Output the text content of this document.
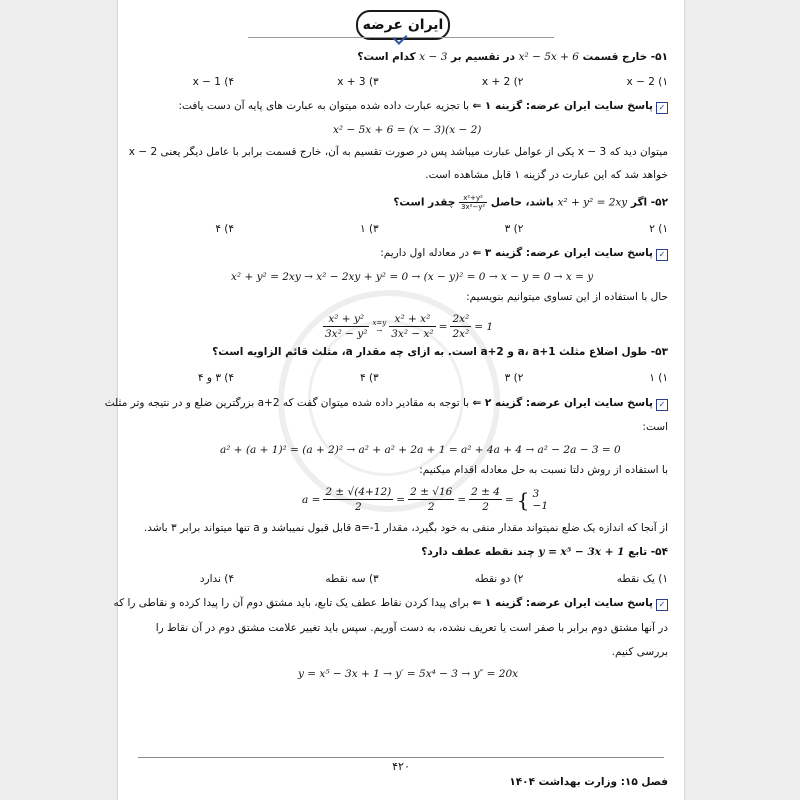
ایران عرضه
۵۱- خارج قسمت x² − 5x + 6 در تقسیم بر x − 3 کدام است؟
۱) x − 2
۲) x + 2
۳) x + 3
۴) x − 1
✓پاسخ سایت ایران عرضه: گزینه ۱ ⇐ با تجزیه عبارت داده شده میتوان به عبارت های پایه آن دست یافت:
x² − 5x + 6 = (x − 3)(x − 2)
میتوان دید که x − 3 یکی از عوامل عبارت میباشد پس در صورت تقسیم به آن، خارج قسمت برابر با عامل دیگر یعنی x − 2
خواهد شد که این عبارت در گزینه ۱ قابل مشاهده است.
۵۲- اگر x² + y² = 2xy باشد، حاصل
$\frac{\text{x²+y²}}{\text{3x²−y²}}$
چقدر است؟
۱) ۲
۲) ۳
۳) ۱
۴) ۴
✓پاسخ سایت ایران عرضه: گزینه ۳ ⇐ در معادله اول داریم:
x² + y² = 2xy → x² − 2xy + y² = 0 → (x − y)² = 0 → x − y = 0 → x = y
حال با استفاده از این تساوی میتوانیم بنویسیم:
$\frac{\text{x² + y²}}{\text{3x² − y²}} x=y$
→ $\frac{\text{x² + x²}}{\text{3x² − x²}} = \frac{\text{2x²}}{\text{2x²}} = 1$
۵۳- طول اضلاع مثلث a، a+1 و a+2 است. به ازای چه مقدار a، مثلث قائم الزاویه است؟
۱) ۱
۲) ۳
۳) ۴
۴) ۳ و ۴
✓پاسخ سایت ایران عرضه: گزینه ۲ ⇐ با توجه به مقادیر داده شده میتوان گفت که a+2 بزرگترین ضلع و در نتیجه وتر مثلث
است:
a² + (a + 1)² = (a + 2)² → a² + a² + 2a + 1 = a² + 4a + 4 → a² − 2a − 3 = 0
با استفاده از روش دلتا نسبت به حل معادله اقدام میکنیم:
$a = \frac{2 \pm √(4+12)}{2} = \frac{2 \pm √16}{2} = \frac{2 \pm 4}{2}$ = { 3
−1
از آنجا که اندازه یک ضلع نمیتواند مقدار منفی به خود بگیرد، مقدار a=-1 قابل قبول نمیباشد و a تنها میتواند برابر ۳ باشد.
۵۴- تابع y = x⁵ − 3x + 1 چند نقطه عطف دارد؟
۱) یک نقطه
۲) دو نقطه
۳) سه نقطه
۴) ندارد
✓پاسخ سایت ایران عرضه: گزینه ۱ ⇐ برای پیدا کردن نقاط عطف یک تابع، باید مشتق دوم آن را پیدا کرده و نقاطی را که
در آنها مشتق دوم برابر با صفر است یا تعریف نشده، به دست آوریم. سپس باید تغییر علامت مشتق دوم در آن نقاط را
بررسی کنیم.
y = x⁵ − 3x + 1 → y′ = 5x⁴ − 3 → y″ = 20x
۴۲۰
فصل ۱۵: وزارت بهداشت ۱۴۰۴
